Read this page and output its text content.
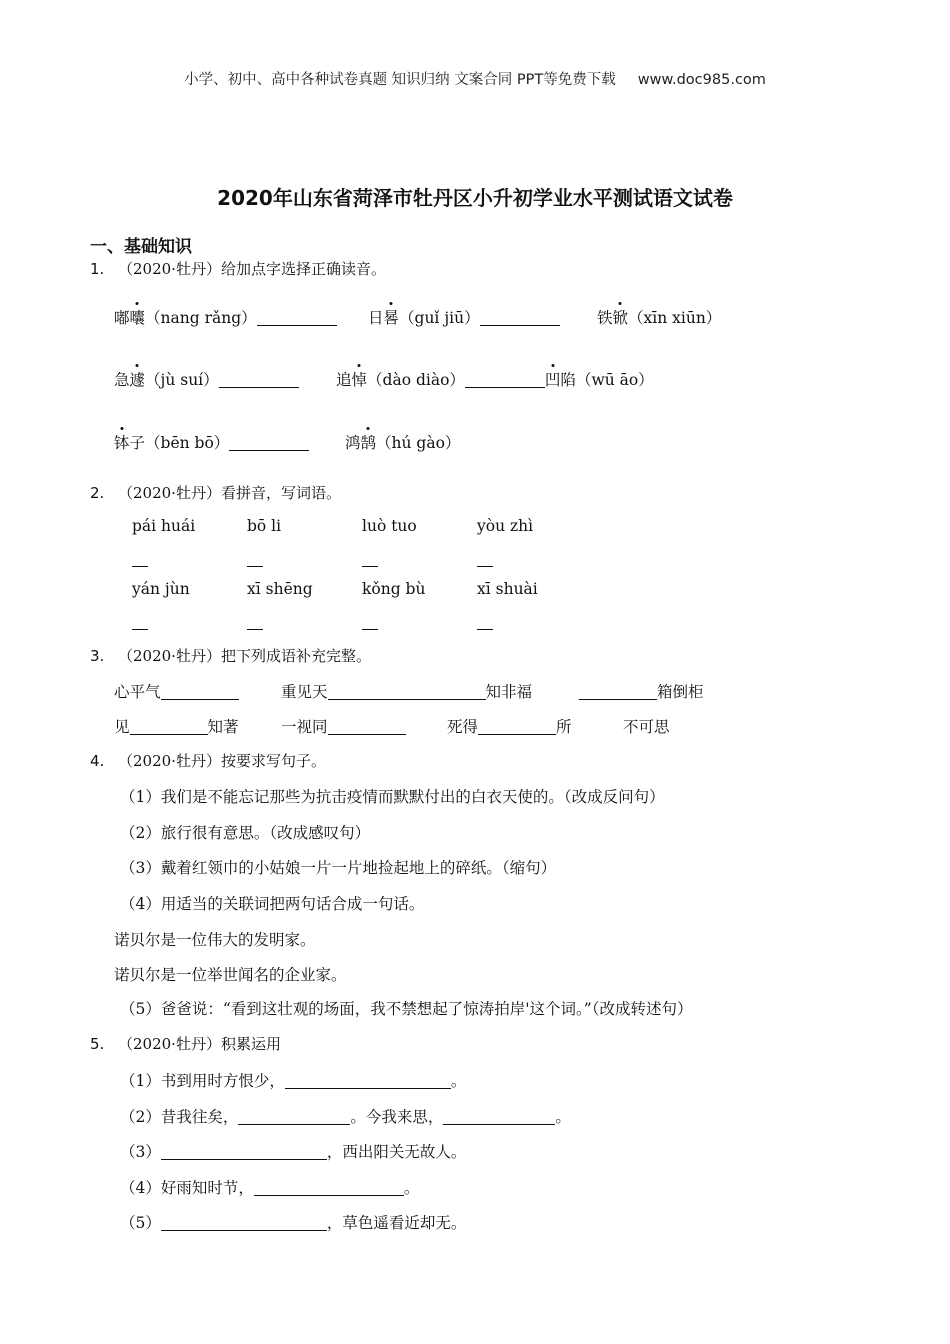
小学、初中、高中各种试卷真题 知识归纳 文案合同 PPT等免费下载 www.doc985.com
2020年山东省菏泽市牡丹区小升初学业水平测试语文试卷
一、基础知识
1. （2020·牡丹）给加点字选择正确读音。
嘟囔（nang rǎng）	日晷（guǐ jiū）	铁锨（xīn xiūn）
急遽（jù suí）	追悼（dào diào）	凹陷（wū āo）
钵子（bēn bō）	鸿鹄（hú gào）
2. （2020·牡丹）看拼音，写词语。
pái huái	bō li	luò tuo	yòu zhì
yán jùn	xī shēng	kǒng bù	xī shuài
3. （2020·牡丹）把下列成语补充完整。
心平气	重见天	知非福	箱倒柜
见	知著	一视同	死得	所	不可思
4. （2020·牡丹）按要求写句子。
（1）我们是不能忘记那些为抗击疫情而默默付出的白衣天使的。（改成反问句）
（2）旅行很有意思。（改成感叹句）
（3）戴着红领巾的小姑娘一片一片地捡起地上的碎纸。（缩句）
（4）用适当的关联词把两句话合成一句话。
诺贝尔是一位伟大的发明家。
诺贝尔是一位举世闻名的企业家。
（5）爸爸说：“看到这壮观的场面，我不禁想起了惊涛拍岸'这个词。”（改成转述句）
5. （2020·牡丹）积累运用
（1）书到用时方恨少，	。
（2）昔我往矣，	。今我来思，	。
（3）	，西出阳关无故人。
（4）好雨知时节，	。
（5）	，草色遥看近却无。
